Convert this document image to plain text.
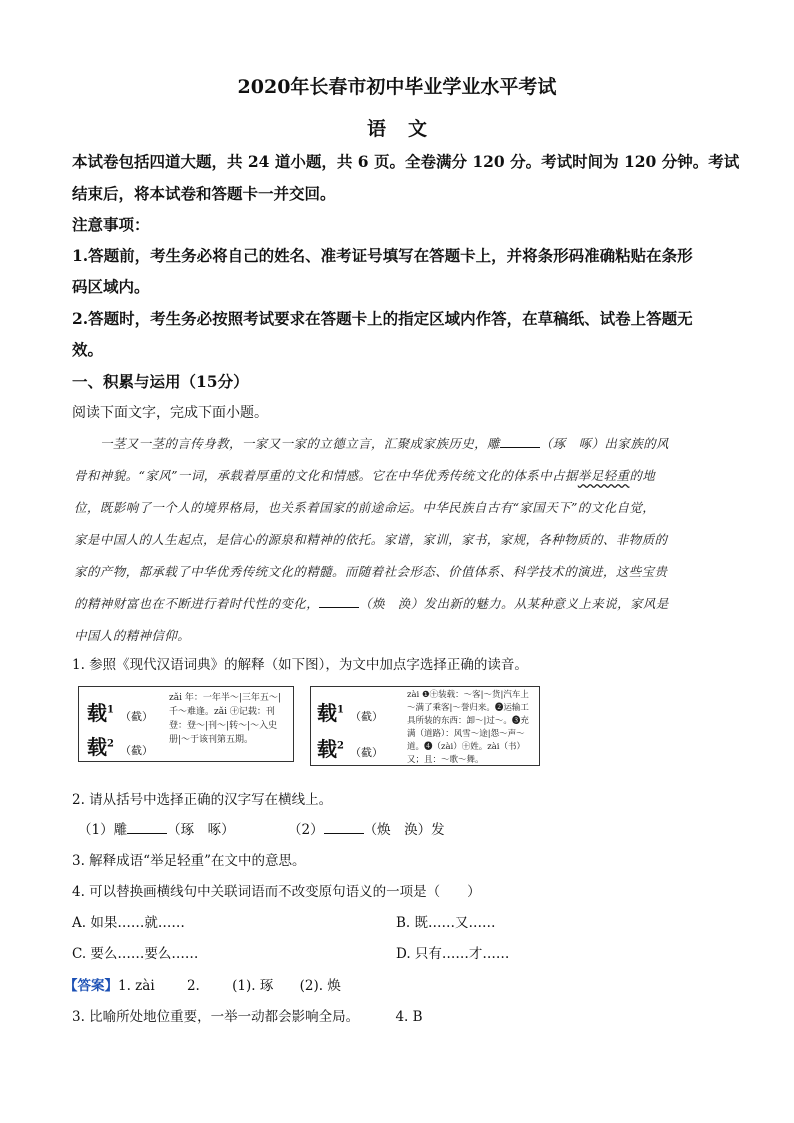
2020年长春市初中毕业学业水平考试
语文
本试卷包括四道大题，共 24 道小题，共 6 页。全卷满分 120 分。考试时间为 120 分钟。考试
结束后，将本试卷和答题卡一并交回。
注意事项：
1.答题前，考生务必将自己的姓名、准考证号填写在答题卡上，并将条形码准确粘贴在条形
码区域内。
2.答题时，考生务必按照考试要求在答题卡上的指定区域内作答，在草稿纸、试卷上答题无
效。
一、积累与运用（15分）
阅读下面文字，完成下面小题。
一茎又一茎的言传身教，一家又一家的立德立言，汇聚成家族历史，雕	（琢　啄）出家族的风
骨和神貌。“家风”一词，承载着厚重的文化和情感。它在中华优秀传统文化的体系中占据举足轻重的地
位，既影响了一个人的境界格局，也关系着国家的前途命运。中华民族自古有“家国天下”的文化自觉，
家是中国人的人生起点，是信心的源泉和精神的依托。家谱，家训，家书，家规，各种物质的、非物质的
家的产物，都承载了中华优秀传统文化的精髓。而随着社会形态、价值体系、科学技术的演进，这些宝贵
的精神财富也在不断进行着时代性的变化，	（焕　涣）发出新的魅力。从某种意义上来说，家风是
中国人的精神信仰。
1. 参照《现代汉语词典》的解释（如下图），为文中加点字选择正确的读音。
载$^1$（截）
载$^2$（截）
zǎi 年：一年半～|三年五～|千～难逢。zǎi ㊉记载：刊登：登～|刊～|转～|～入史册|～于该刊第五期。
载$^1$（截）
载$^2$（截）
zài ❶㊉装载：～客|～货|汽车上～满了乘客|～誉归来。❷运输工具所装的东西：卸～|过～。❸充满（道路）：风雪～途|怨～声～道。❹（zài）㊉姓。zài（书）又；且：～歌～舞。
2. 请从括号中选择正确的汉字写在横线上。
（1）雕	（琢　啄）	（2）	（焕　涣）发
3. 解释成语“举足轻重”在文中的意思。
4. 可以替换画横线句中关联词语而不改变原句语义的一项是（　　）
A. 如果……就……	B. 既……又……
C. 要么……要么……	D. 只有……才……
【答案】1. zài 2. (1). 琢 (2). 焕
3. 比喻所处地位重要，一举一动都会影响全局。	4. B
